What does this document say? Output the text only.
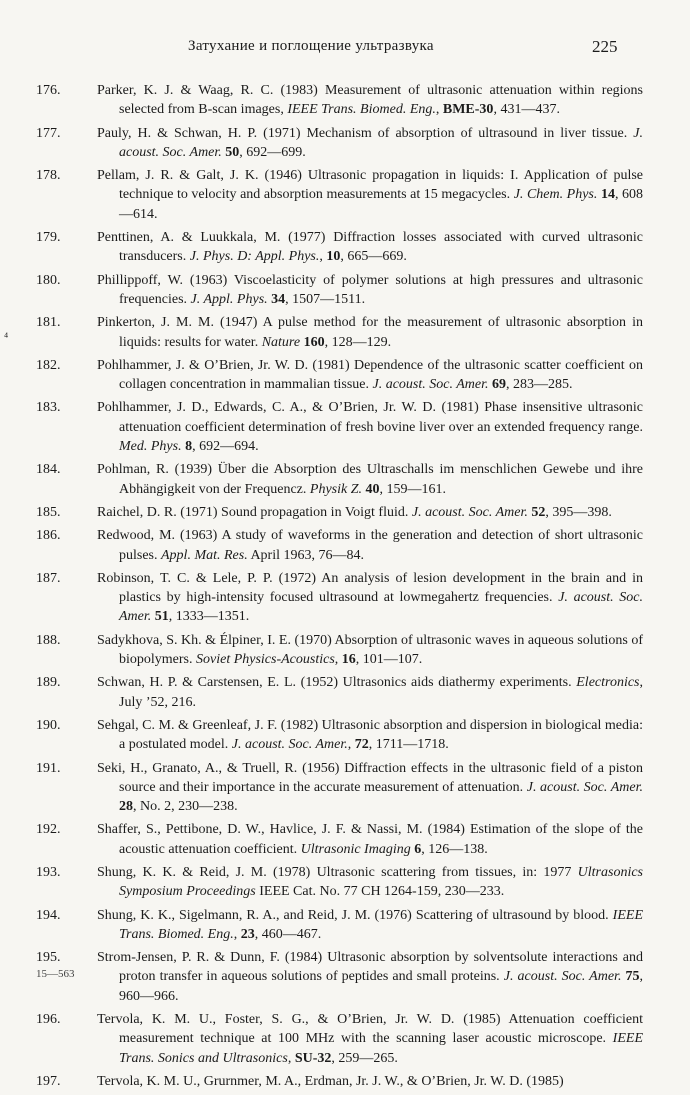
Затухание и поглощение ультразвука	225
⁴
176.	Parker, K. J. & Waag, R. C. (1983) Measurement of ultrasonic attenuation within regions selected from B-scan images, IEEE Trans. Biomed. Eng., BME-30, 431—437.
177.	Pauly, H. & Schwan, H. P. (1971) Mechanism of absorption of ultrasound in liver tissue. J. acoust. Soc. Amer. 50, 692—699.
178.	Pellam, J. R. & Galt, J. K. (1946) Ultrasonic propagation in liquids: I. Application of pulse technique to velocity and absorption measurements at 15 megacycles. J. Chem. Phys. 14, 608—614.
179.	Penttinen, A. & Luukkala, M. (1977) Diffraction losses associated with curved ultrasonic transducers. J. Phys. D: Appl. Phys., 10, 665—669.
180.	Phillippoff, W. (1963) Viscoelasticity of polymer solutions at high pressures and ultrasonic frequencies. J. Appl. Phys. 34, 1507—1511.
181.	Pinkerton, J. M. M. (1947) A pulse method for the measurement of ultrasonic absorption in liquids: results for water. Nature 160, 128—129.
182.	Pohlhammer, J. & O’Brien, Jr. W. D. (1981) Dependence of the ultrasonic scatter coefficient on collagen concentration in mammalian tissue. J. acoust. Soc. Amer. 69, 283—285.
183.	Pohlhammer, J. D., Edwards, C. A., & O’Brien, Jr. W. D. (1981) Phase insensitive ultrasonic attenuation coefficient determination of fresh bovine liver over an extended frequency range. Med. Phys. 8, 692—694.
184.	Pohlman, R. (1939) Über die Absorption des Ultraschalls im menschlichen Gewebe und ihre Abhängigkeit von der Frequencz. Physik Z. 40, 159—161.
185.	Raichel, D. R. (1971) Sound propagation in Voigt fluid. J. acoust. Soc. Amer. 52, 395—398.
186.	Redwood, M. (1963) A study of waveforms in the generation and detection of short ultrasonic pulses. Appl. Mat. Res. April 1963, 76—84.
187.	Robinson, T. C. & Lele, P. P. (1972) An analysis of lesion development in the brain and in plastics by high-intensity focused ultrasound at lowmegahertz frequencies. J. acoust. Soc. Amer. 51, 1333—1351.
188.	Sadykhova, S. Kh. & Élpiner, I. E. (1970) Absorption of ultrasonic waves in aqueous solutions of biopolymers. Soviet Physics-Acoustics, 16, 101—107.
189.	Schwan, H. P. & Carstensen, E. L. (1952) Ultrasonics aids diathermy experiments. Electronics, July ’52, 216.
190.	Sehgal, C. M. & Greenleaf, J. F. (1982) Ultrasonic absorption and dispersion in biological media: a postulated model. J. acoust. Soc. Amer., 72, 1711—1718.
191.	Seki, H., Granato, A., & Truell, R. (1956) Diffraction effects in the ultrasonic field of a piston source and their importance in the accurate measurement of attenuation. J. acoust. Soc. Amer. 28, No. 2, 230—238.
192.	Shaffer, S., Pettibone, D. W., Havlice, J. F. & Nassi, M. (1984) Estimation of the slope of the acoustic attenuation coefficient. Ultrasonic Imaging 6, 126—138.
193.	Shung, K. K. & Reid, J. M. (1978) Ultrasonic scattering from tissues, in: 1977 Ultrasonics Symposium Proceedings IEEE Cat. No. 77 CH 1264-159, 230—233.
194.	Shung, K. K., Sigelmann, R. A., and Reid, J. M. (1976) Scattering of ultrasound by blood. IEEE Trans. Biomed. Eng., 23, 460—467.
195.	Strom-Jensen, P. R. & Dunn, F. (1984) Ultrasonic absorption by solventsolute interactions and proton transfer in aqueous solutions of peptides and small proteins. J. acoust. Soc. Amer. 75, 960—966.
196.	Tervola, K. M. U., Foster, S. G., & O’Brien, Jr. W. D. (1985) Attenuation coefficient measurement technique at 100 MHz with the scanning laser acoustic microscope. IEEE Trans. Sonics and Ultrasonics, SU-32, 259—265.
197.	Tervola, K. M. U., Grurnmer, M. A., Erdman, Jr. J. W., & O’Brien, Jr. W. D. (1985)
15—563
